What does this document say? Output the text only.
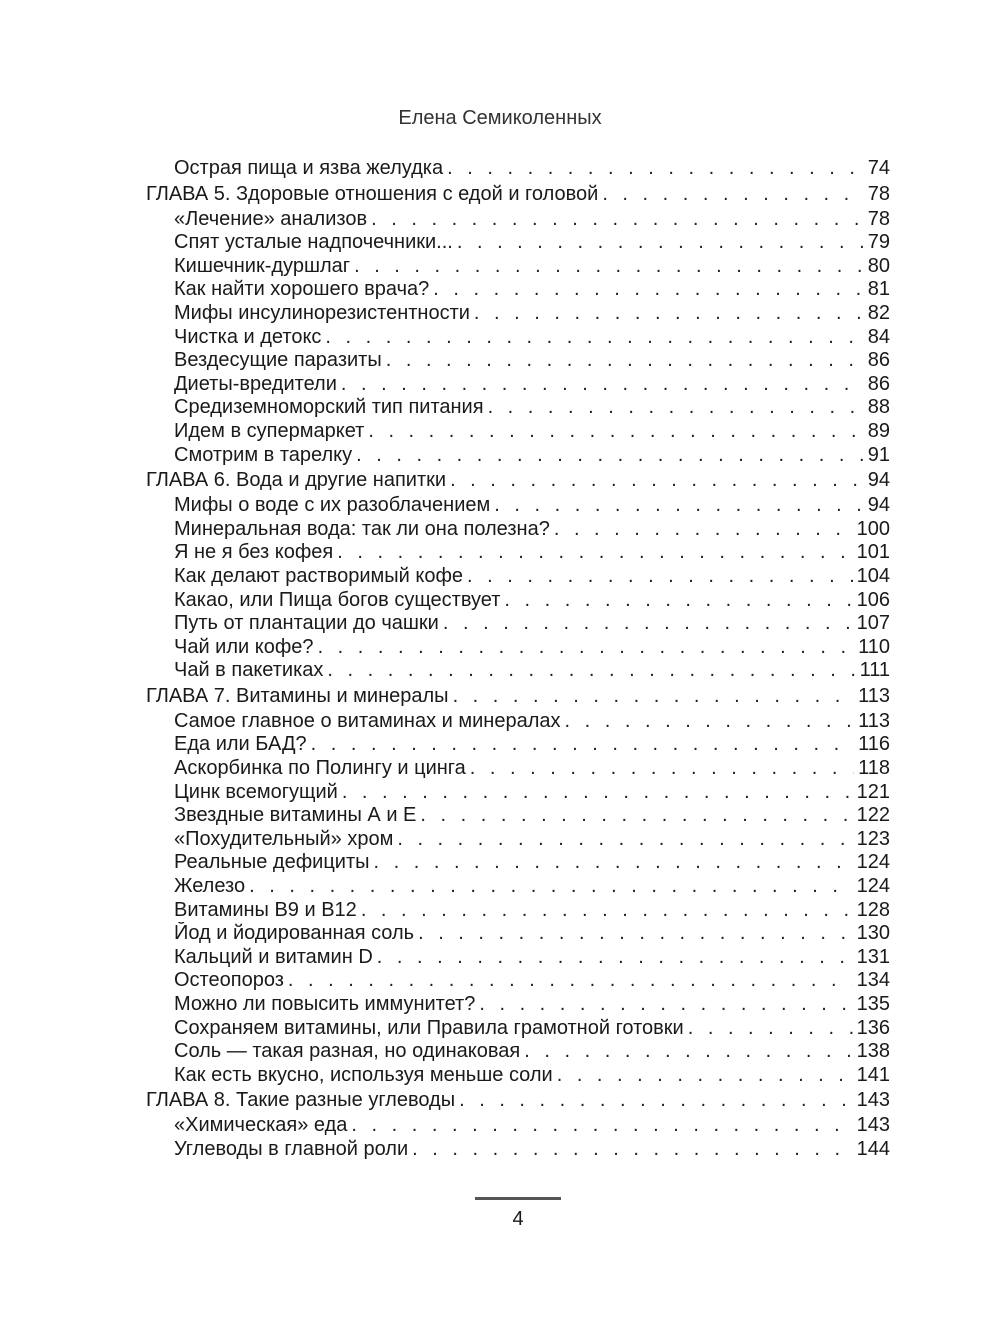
Елена Семиколенных
Острая пища и язва желудка . . .	74
ГЛАВА 5. Здоровые отношения с едой и головой . . .	78
«Лечение» анализов . . .	78
Спят усталые надпочечники... . . .	79
Кишечник-дуршлаг . . .	80
Как найти хорошего врача? . . .	81
Мифы инсулинорезистентности . . .	82
Чистка и детокс . . .	84
Вездесущие паразиты . . .	86
Диеты-вредители . . .	86
Средиземноморский тип питания . . .	88
Идем в супермаркет . . .	89
Смотрим в тарелку . . .	91
ГЛАВА 6. Вода и другие напитки . . .	94
Мифы о воде с их разоблачением . . .	94
Минеральная вода: так ли она полезна? . . .	100
Я не я без кофея . . .	101
Как делают растворимый кофе . . .	104
Какао, или Пища богов существует . . .	106
Путь от плантации до чашки . . .	107
Чай или кофе? . . .	110
Чай в пакетиках . . .	111
ГЛАВА 7. Витамины и минералы . . .	113
Самое главное о витаминах и минералах . . .	113
Еда или БАД? . . .	116
Аскорбинка по Полингу и цинга . . .	118
Цинк всемогущий . . .	121
Звездные витамины А и Е . . .	122
«Похудительный» хром . . .	123
Реальные дефициты . . .	124
Железо . . .	124
Витамины В9 и В12 . . .	128
Йод и йодированная соль . . .	130
Кальций и витамин D . . .	131
Остеопороз . . .	134
Можно ли повысить иммунитет? . . .	135
Сохраняем витамины, или Правила грамотной готовки . . .	136
Соль — такая разная, но одинаковая . . .	138
Как есть вкусно, используя меньше соли . . .	141
ГЛАВА 8. Такие разные углеводы . . .	143
«Химическая» еда . . .	143
Углеводы в главной роли . . .	144
4
